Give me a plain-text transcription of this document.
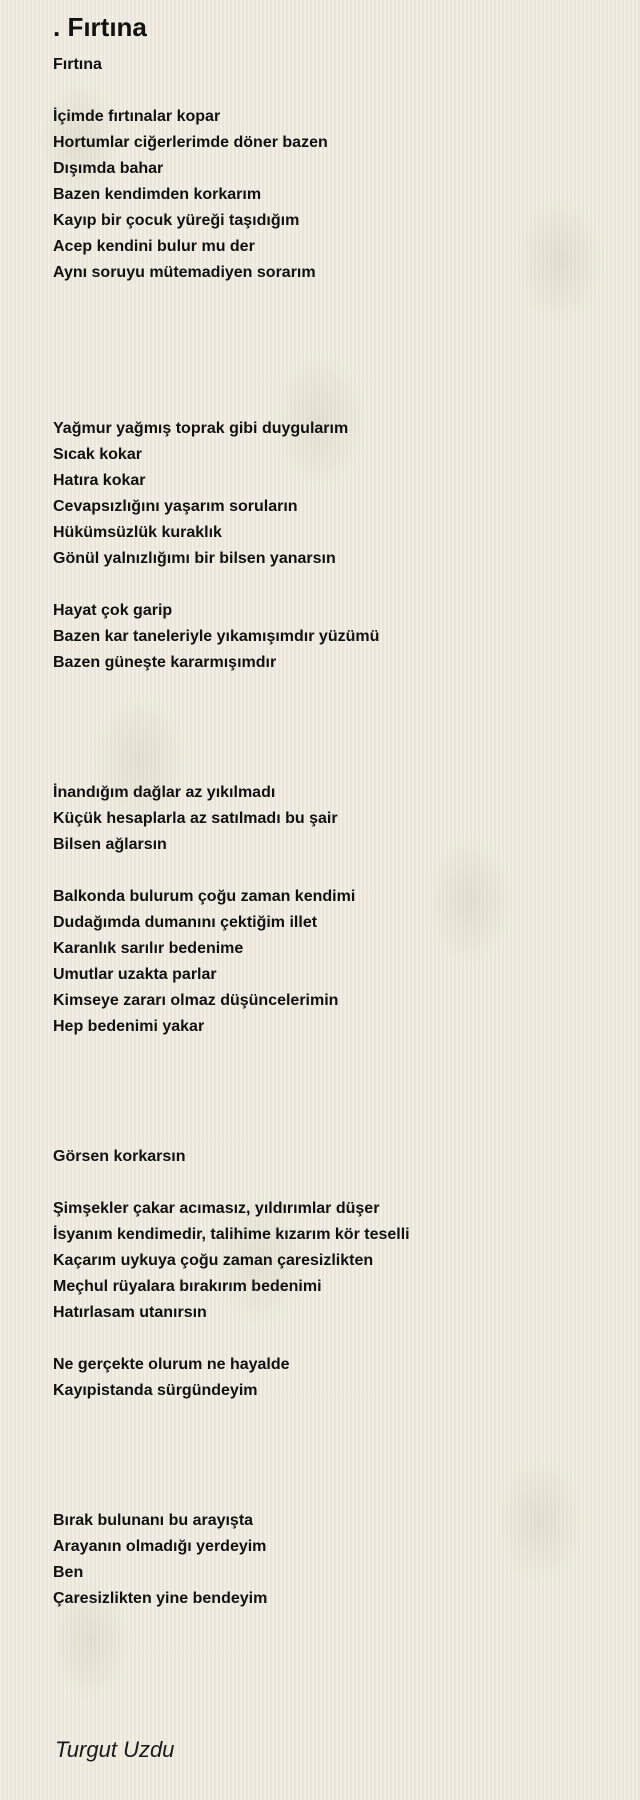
. Fırtına
Fırtına
İçimde fırtınalar kopar
Hortumlar ciğerlerimde döner bazen
Dışımda bahar
Bazen kendimden korkarım
Kayıp bir çocuk yüreği taşıdığım
Acep kendini bulur mu der
Aynı soruyu mütemadiyen sorarım
Yağmur yağmış toprak gibi duygularım
Sıcak kokar
Hatıra kokar
Cevapsızlığını yaşarım soruların
Hükümsüzlük kuraklık
Gönül yalnızlığımı bir bilsen yanarsın
Hayat çok garip
Bazen kar taneleriyle yıkamışımdır yüzümü
Bazen güneşte kararmışımdır
İnandığım dağlar az yıkılmadı
Küçük hesaplarla az satılmadı bu şair
Bilsen ağlarsın
Balkonda bulurum çoğu zaman kendimi
Dudağımda dumanını çektiğim illet
Karanlık sarılır bedenime
Umutlar uzakta parlar
Kimseye zararı olmaz düşüncelerimin
Hep bedenimi yakar
Görsen korkarsın
Şimşekler çakar acımasız, yıldırımlar düşer
İsyanım kendimedir, talihime kızarım kör teselli
Kaçarım uykuya çoğu zaman çaresizlikten
Meçhul rüyalara bırakırım bedenimi
Hatırlasam utanırsın
Ne gerçekte olurum ne hayalde
Kayıpistanda sürgündeyim
Bırak bulunanı bu arayışta
Arayanın olmadığı yerdeyim
Ben
Çaresizlikten yine bendeyim
Turgut Uzdu
